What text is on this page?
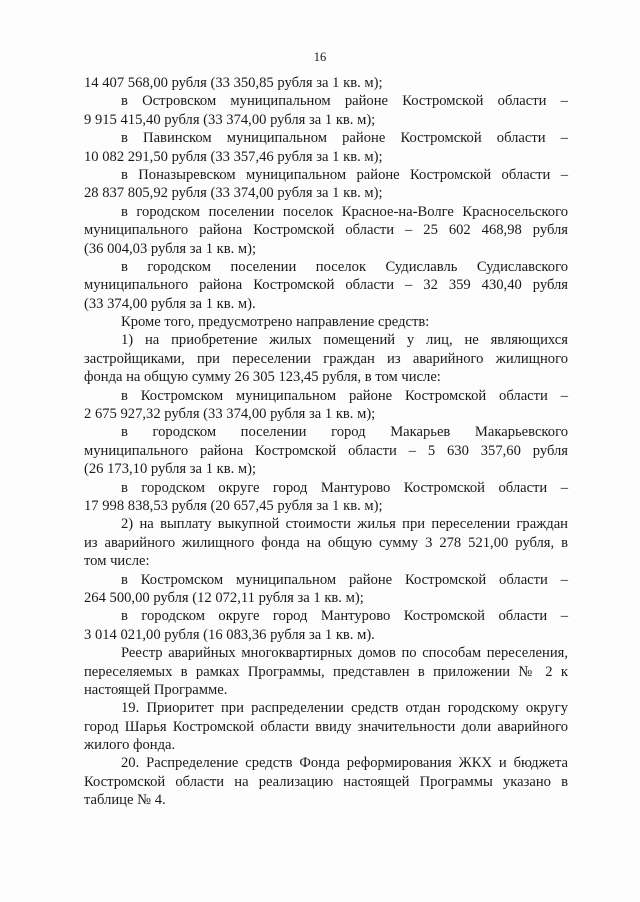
16
14 407 568,00 рубля (33 350,85 рубля за 1 кв. м);
в Островском муниципальном районе Костромской области –
9 915 415,40 рубля (33 374,00 рубля за 1 кв. м);
в Павинском муниципальном районе Костромской области –
10 082 291,50 рубля (33 357,46 рубля за 1 кв. м);
в Поназыревском муниципальном районе Костромской области –
28 837 805,92 рубля (33 374,00 рубля за 1 кв. м);
в городском поселении поселок Красное-на-Волге Красносельского
муниципального района Костромской области – 25 602 468,98 рубля
(36 004,03 рубля за 1 кв. м);
в городском поселении поселок Судиславль Судиславского
муниципального района Костромской области – 32 359 430,40 рубля
(33 374,00 рубля за 1 кв. м).
Кроме того, предусмотрено направление средств:
1) на приобретение жилых помещений у лиц, не являющихся
застройщиками, при переселении граждан из аварийного жилищного
фонда на общую сумму 26 305 123,45 рубля, в том числе:
в Костромском муниципальном районе Костромской области –
2 675 927,32 рубля (33 374,00 рубля за 1 кв. м);
в городском поселении город Макарьев Макарьевского
муниципального района Костромской области – 5 630 357,60 рубля
(26 173,10 рубля за 1 кв. м);
в городском округе город Мантурово Костромской области –
17 998 838,53 рубля (20 657,45 рубля за 1 кв. м);
2) на выплату выкупной стоимости жилья при переселении граждан
из аварийного жилищного фонда на общую сумму 3 278 521,00 рубля, в
том числе:
в Костромском муниципальном районе Костромской области –
264 500,00 рубля (12 072,11 рубля за 1 кв. м);
в городском округе город Мантурово Костромской области –
3 014 021,00 рубля (16 083,36 рубля за 1 кв. м).
Реестр аварийных многоквартирных домов по способам переселения,
переселяемых в рамках Программы, представлен в приложении № 2 к
настоящей Программе.
19. Приоритет при распределении средств отдан городскому округу
город Шарья Костромской области ввиду значительности доли аварийного
жилого фонда.
20. Распределение средств Фонда реформирования ЖКХ и бюджета
Костромской области на реализацию настоящей Программы указано в
таблице № 4.
